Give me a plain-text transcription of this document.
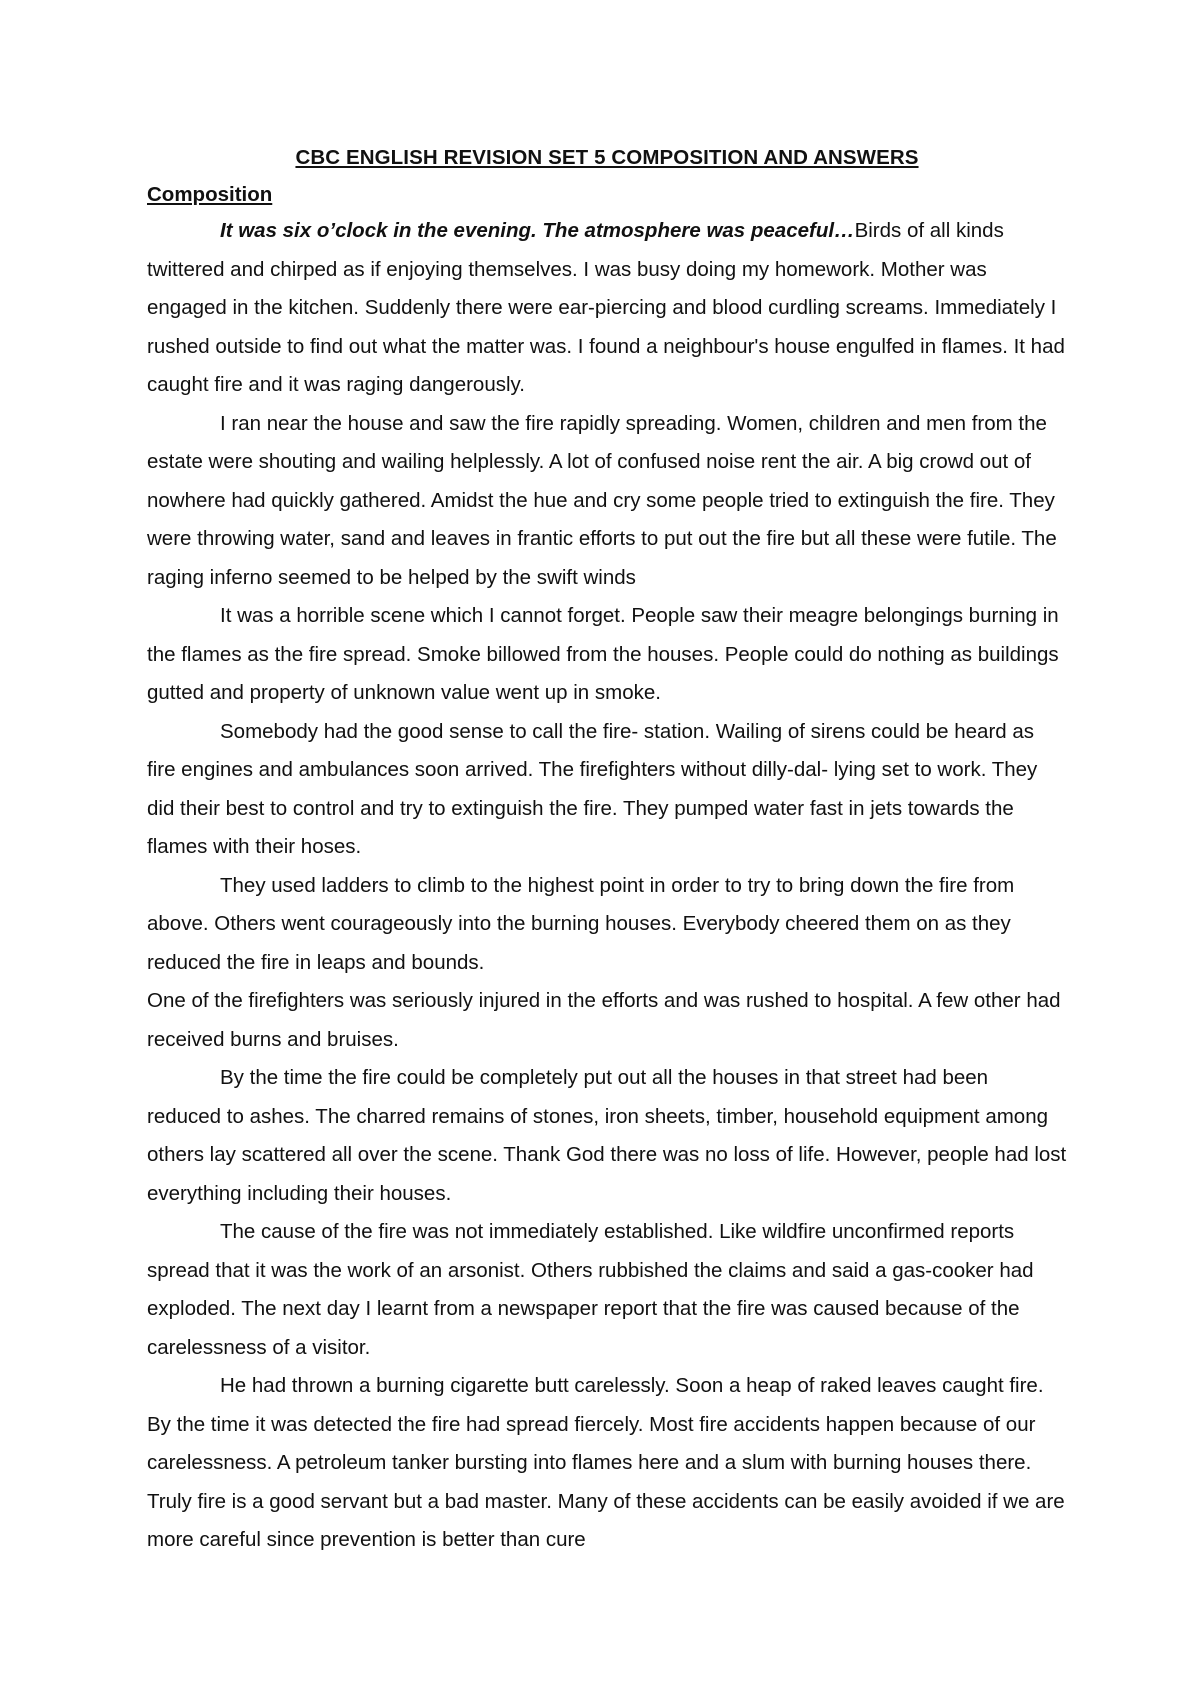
CBC ENGLISH REVISION SET 5 COMPOSITION AND ANSWERS
Composition

It was six o’clock in the evening. The atmosphere was peaceful…Birds of all kinds twittered and chirped as if enjoying themselves. I was busy doing my homework. Mother was engaged in the kitchen. Suddenly there were ear-piercing and blood curdling screams. Immediately I rushed outside to find out what the matter was. I found a neighbour's house engulfed in flames. It had caught fire and it was raging dangerously.

I ran near the house and saw the fire rapidly spreading. Women, children and men from the estate were shouting and wailing helplessly. A lot of confused noise rent the air. A big crowd out of nowhere had quickly gathered. Amidst the hue and cry some people tried to extinguish the fire. They were throwing water, sand and leaves in frantic efforts to put out the fire but all these were futile. The raging inferno seemed to be helped by the swift winds

It was a horrible scene which I cannot forget. People saw their meagre belongings burning in the flames as the fire spread. Smoke billowed from the houses. People could do nothing as buildings gutted and property of unknown value went up in smoke.

Somebody had the good sense to call the fire- station. Wailing of sirens could be heard as fire engines and ambulances soon arrived. The firefighters without dilly-dal- lying set to work. They did their best to control and try to extinguish the fire. They pumped water fast in jets towards the flames with their hoses.

They used ladders to climb to the highest point in order to try to bring down the fire from above. Others went courageously into the burning houses. Everybody cheered them on as they reduced the fire in leaps and bounds.

One of the firefighters was seriously injured in the efforts and was rushed to hospital. A few other had received burns and bruises.

By the time the fire could be completely put out all the houses in that street had been reduced to ashes. The charred remains of stones, iron sheets, timber, household equipment among others lay scattered all over the scene. Thank God there was no loss of life. However, people had lost everything including their houses.

The cause of the fire was not immediately established. Like wildfire unconfirmed reports spread that it was the work of an arsonist. Others rubbished the claims and said a gas-cooker had exploded. The next day I learnt from a newspaper report that the fire was caused because of the carelessness of a visitor.

He had thrown a burning cigarette butt carelessly. Soon a heap of raked leaves caught fire. By the time it was detected the fire had spread fiercely. Most fire accidents happen because of our carelessness. A petroleum tanker bursting into flames here and a slum with burning houses there. Truly fire is a good servant but a bad master. Many of these accidents can be easily avoided if we are more careful since prevention is better than cure
